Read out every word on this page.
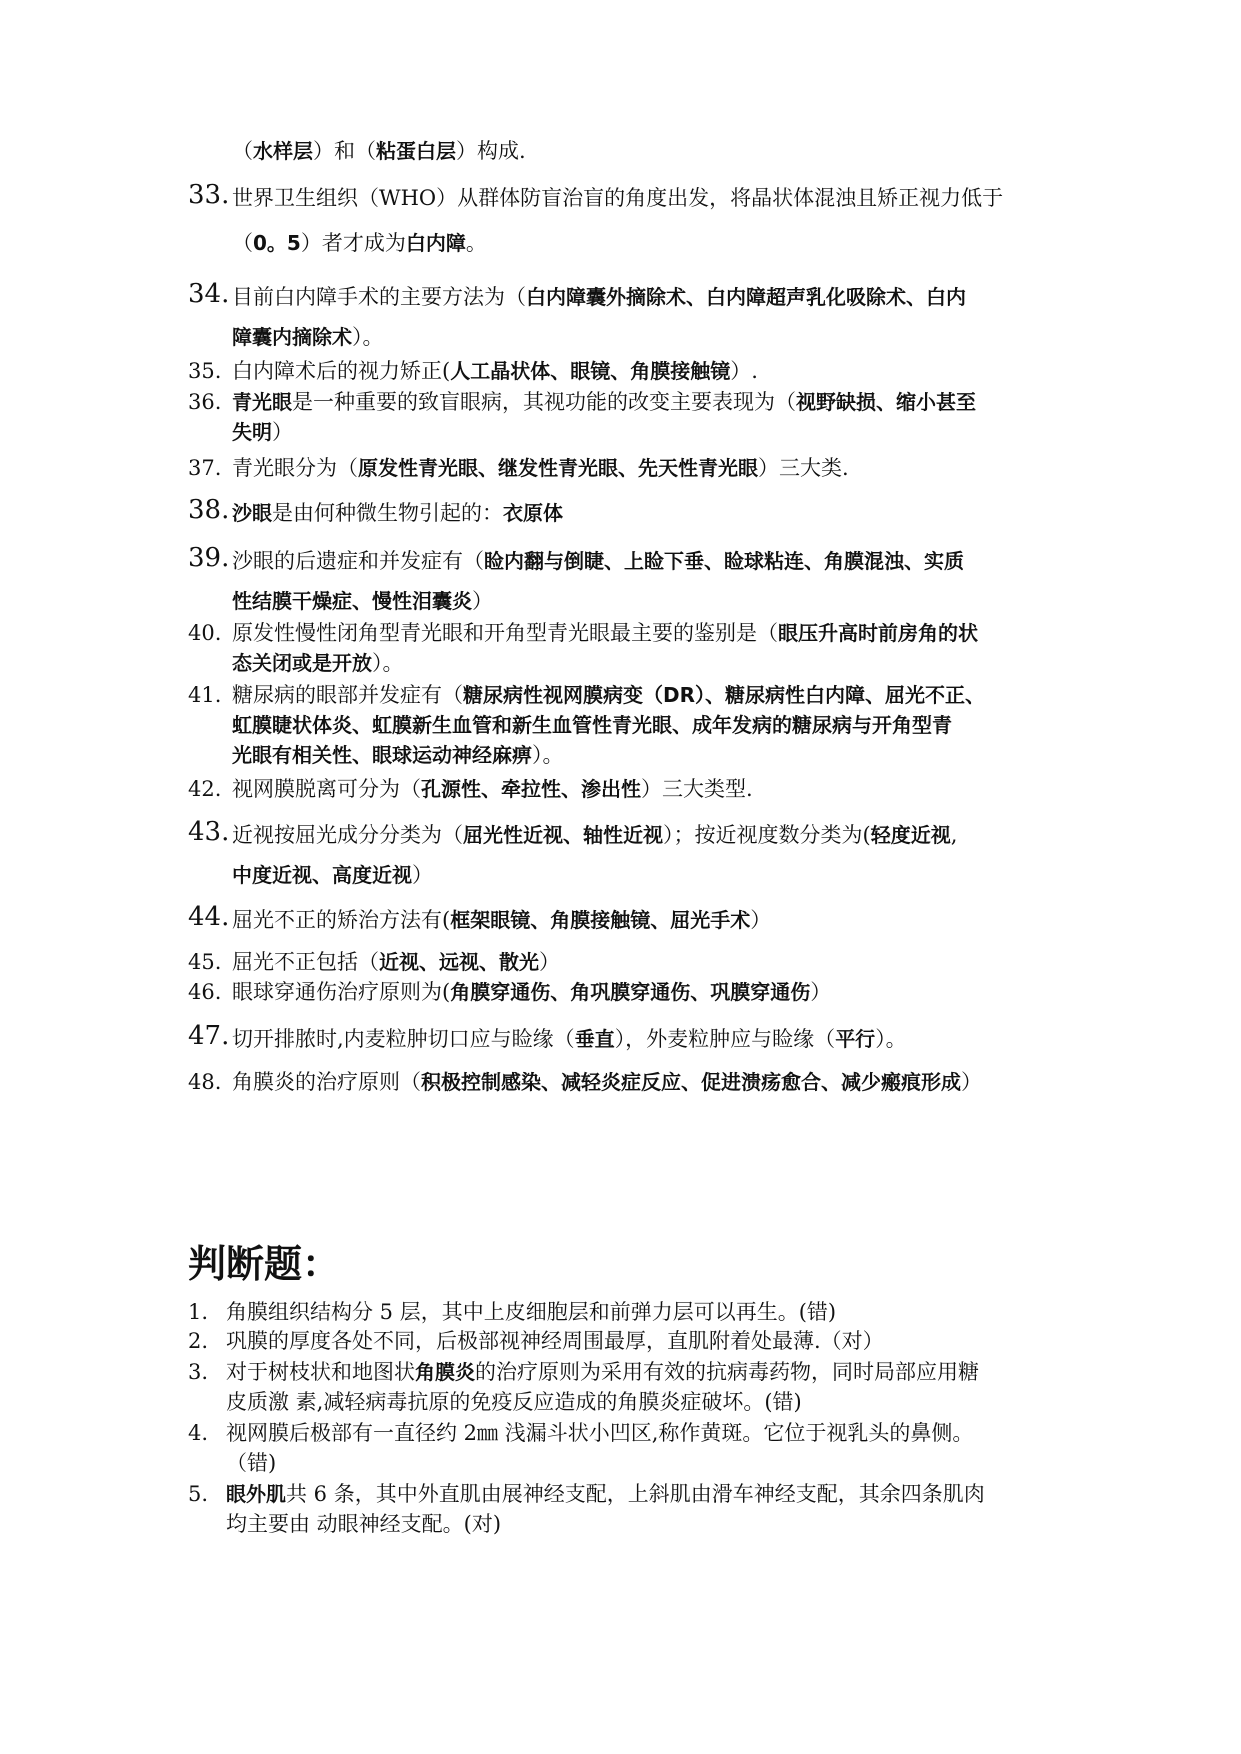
（水样层）和（粘蛋白层）构成.
33. 世界卫生组织（WHO）从群体防盲治盲的角度出发，将晶状体混浊且矫正视力低于
（0。5）者才成为白内障。
34. 目前白内障手术的主要方法为（白内障囊外摘除术、白内障超声乳化吸除术、白内
障囊内摘除术）。
35. 白内障术后的视力矫正(人工晶状体、眼镜、角膜接触镜）.
36. 青光眼是一种重要的致盲眼病，其视功能的改变主要表现为（视野缺损、缩小甚至
失明）
37. 青光眼分为（原发性青光眼、继发性青光眼、先天性青光眼）三大类.
38. 沙眼是由何种微生物引起的：衣原体
39. 沙眼的后遗症和并发症有（睑内翻与倒睫、上睑下垂、睑球粘连、角膜混浊、实质
性结膜干燥症、慢性泪囊炎）
40. 原发性慢性闭角型青光眼和开角型青光眼最主要的鉴别是（眼压升高时前房角的状
态关闭或是开放）。
41. 糖尿病的眼部并发症有（糖尿病性视网膜病变（DR）、糖尿病性白内障、屈光不正、
虹膜睫状体炎、虹膜新生血管和新生血管性青光眼、成年发病的糖尿病与开角型青
光眼有相关性、眼球运动神经麻痹）。
42. 视网膜脱离可分为（孔源性、牵拉性、渗出性）三大类型.
43. 近视按屈光成分分类为（屈光性近视、轴性近视）；按近视度数分类为(轻度近视,
中度近视、高度近视）
44. 屈光不正的矫治方法有(框架眼镜、角膜接触镜、屈光手术）
45. 屈光不正包括（近视、远视、散光）
46. 眼球穿通伤治疗原则为(角膜穿通伤、角巩膜穿通伤、巩膜穿通伤）
47. 切开排脓时,内麦粒肿切口应与睑缘（垂直），外麦粒肿应与睑缘（平行）。
48. 角膜炎的治疗原则（积极控制感染、减轻炎症反应、促进溃疡愈合、减少瘢痕形成）
判断题：
1. 角膜组织结构分 5 层，其中上皮细胞层和前弹力层可以再生。(错)
2. 巩膜的厚度各处不同，后极部视神经周围最厚，直肌附着处最薄.（对）
3. 对于树枝状和地图状角膜炎的治疗原则为采用有效的抗病毒药物，同时局部应用糖
皮质激 素,减轻病毒抗原的免疫反应造成的角膜炎症破坏。(错)
4. 视网膜后极部有一直径约 2㎜ 浅漏斗状小凹区,称作黄斑。它位于视乳头的鼻侧。
（错)
5. 眼外肌共 6 条，其中外直肌由展神经支配，上斜肌由滑车神经支配，其余四条肌肉
均主要由 动眼神经支配。(对)
